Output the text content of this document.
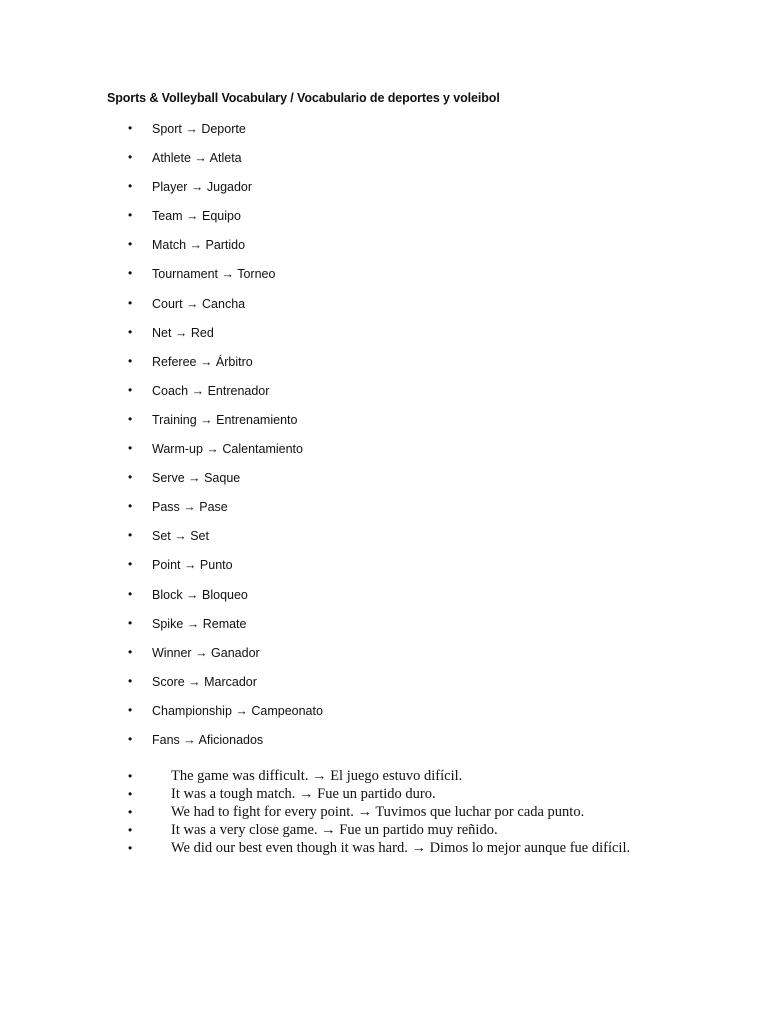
Sports & Volleyball Vocabulary / Vocabulario de deportes y voleibol
• Sport → Deporte
• Athlete → Atleta
• Player → Jugador
• Team → Equipo
• Match → Partido
• Tournament → Torneo
• Court → Cancha
• Net → Red
• Referee → Árbitro
• Coach → Entrenador
• Training → Entrenamiento
• Warm-up → Calentamiento
• Serve → Saque
• Pass → Pase
• Set → Set
• Point → Punto
• Block → Bloqueo
• Spike → Remate
• Winner → Ganador
• Score → Marcador
• Championship → Campeonato
• Fans → Aficionados
•	The game was difficult. → El juego estuvo difícil.
•	It was a tough match. → Fue un partido duro.
•	We had to fight for every point. → Tuvimos que luchar por cada punto.
•	It was a very close game. → Fue un partido muy reñido.
•	We did our best even though it was hard. → Dimos lo mejor aunque fue difícil.
